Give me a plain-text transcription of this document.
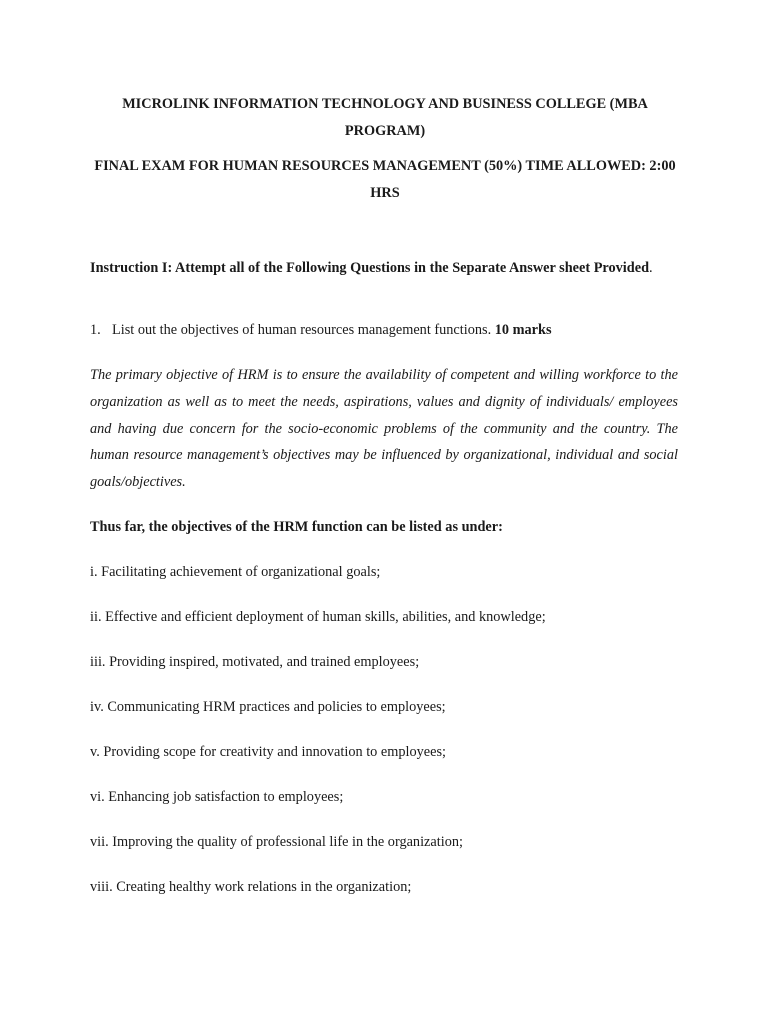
MICROLINK INFORMATION TECHNOLOGY AND BUSINESS COLLEGE (MBA PROGRAM)
FINAL EXAM FOR HUMAN RESOURCES MANAGEMENT (50%) TIME ALLOWED: 2:00 HRS
Instruction I: Attempt all of the Following Questions in the Separate Answer sheet Provided.
1. List out the objectives of human resources management functions. 10 marks
The primary objective of HRM is to ensure the availability of competent and willing workforce to the organization as well as to meet the needs, aspirations, values and dignity of individuals/ employees and having due concern for the socio-economic problems of the community and the country. The human resource management’s objectives may be influenced by organizational, individual and social goals/objectives.
Thus far, the objectives of the HRM function can be listed as under:
i. Facilitating achievement of organizational goals;
ii. Effective and efficient deployment of human skills, abilities, and knowledge;
iii. Providing inspired, motivated, and trained employees;
iv. Communicating HRM practices and policies to employees;
v. Providing scope for creativity and innovation to employees;
vi. Enhancing job satisfaction to employees;
vii. Improving the quality of professional life in the organization;
viii. Creating healthy work relations in the organization;
